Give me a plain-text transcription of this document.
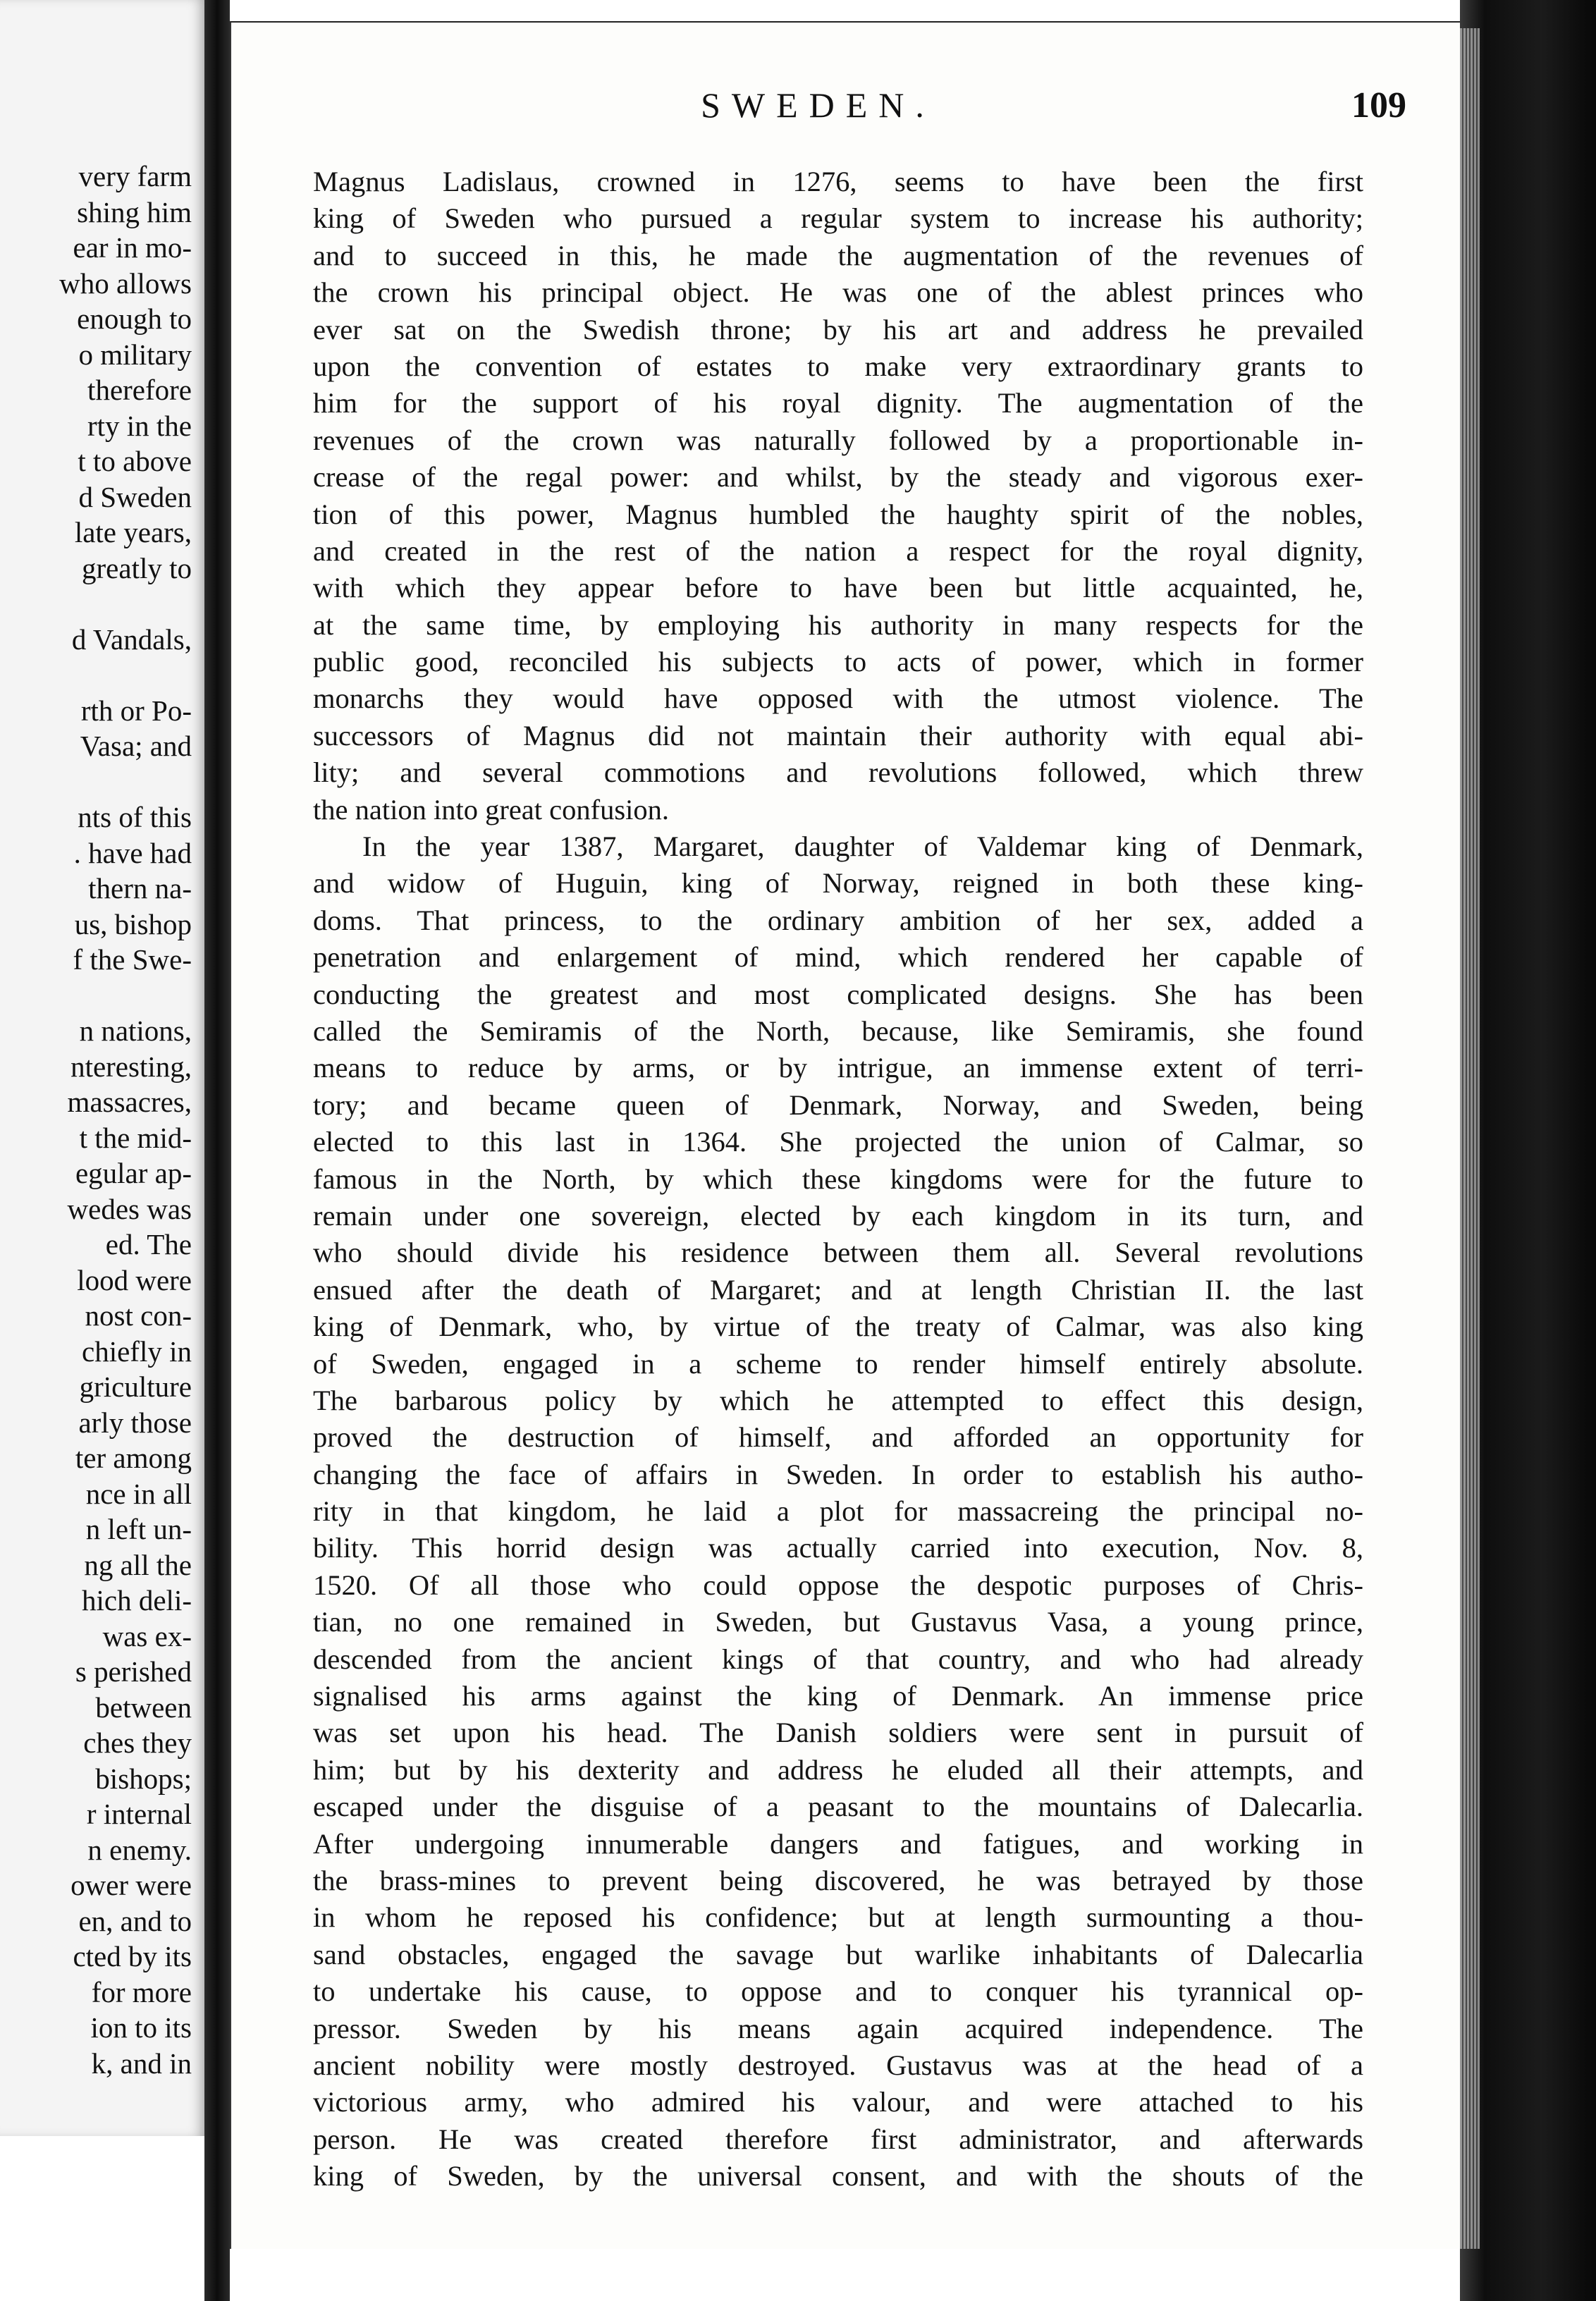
very farm
shing him
ear in mo-
who allows
enough to
o military
therefore
rty in the
t to above
d Sweden
late years,
greatly to
d Vandals,
rth or Po-
Vasa; and
nts of this
. have had
thern na-
us, bishop
f the Swe-
n nations,
nteresting,
massacres,
t the mid-
egular ap-
wedes was
ed. The
lood were
nost con-
chiefly in
griculture
arly those
ter among
nce in all
n left un-
ng all the
hich deli-
was ex-
s perished
between
ches they
bishops;
r internal
n enemy.
ower were
en, and to
cted by its
for more
ion to its
k, and in
SWEDEN.	109
Magnus Ladislaus, crowned in 1276, seems to have been the first
king of Sweden who pursued a regular system to increase his authority;
and to succeed in this, he made the augmentation of the revenues of
the crown his principal object. He was one of the ablest princes who
ever sat on the Swedish throne; by his art and address he prevailed
upon the convention of estates to make very extraordinary grants to
him for the support of his royal dignity. The augmentation of the
revenues of the crown was naturally followed by a proportionable in-
crease of the regal power: and whilst, by the steady and vigorous exer-
tion of this power, Magnus humbled the haughty spirit of the nobles,
and created in the rest of the nation a respect for the royal dignity,
with which they appear before to have been but little acquainted, he,
at the same time, by employing his authority in many respects for the
public good, reconciled his subjects to acts of power, which in former
monarchs they would have opposed with the utmost violence. The
successors of Magnus did not maintain their authority with equal abi-
lity; and several commotions and revolutions followed, which threw
the nation into great confusion.
In the year 1387, Margaret, daughter of Valdemar king of Denmark,
and widow of Huguin, king of Norway, reigned in both these king-
doms. That princess, to the ordinary ambition of her sex, added a
penetration and enlargement of mind, which rendered her capable of
conducting the greatest and most complicated designs. She has been
called the Semiramis of the North, because, like Semiramis, she found
means to reduce by arms, or by intrigue, an immense extent of terri-
tory; and became queen of Denmark, Norway, and Sweden, being
elected to this last in 1364. She projected the union of Calmar, so
famous in the North, by which these kingdoms were for the future to
remain under one sovereign, elected by each kingdom in its turn, and
who should divide his residence between them all. Several revolutions
ensued after the death of Margaret; and at length Christian II. the last
king of Denmark, who, by virtue of the treaty of Calmar, was also king
of Sweden, engaged in a scheme to render himself entirely absolute.
The barbarous policy by which he attempted to effect this design,
proved the destruction of himself, and afforded an opportunity for
changing the face of affairs in Sweden. In order to establish his autho-
rity in that kingdom, he laid a plot for massacreing the principal no-
bility. This horrid design was actually carried into execution, Nov. 8,
1520. Of all those who could oppose the despotic purposes of Chris-
tian, no one remained in Sweden, but Gustavus Vasa, a young prince,
descended from the ancient kings of that country, and who had already
signalised his arms against the king of Denmark. An immense price
was set upon his head. The Danish soldiers were sent in pursuit of
him; but by his dexterity and address he eluded all their attempts, and
escaped under the disguise of a peasant to the mountains of Dalecarlia.
After undergoing innumerable dangers and fatigues, and working in
the brass-mines to prevent being discovered, he was betrayed by those
in whom he reposed his confidence; but at length surmounting a thou-
sand obstacles, engaged the savage but warlike inhabitants of Dalecarlia
to undertake his cause, to oppose and to conquer his tyrannical op-
pressor. Sweden by his means again acquired independence. The
ancient nobility were mostly destroyed. Gustavus was at the head of a
victorious army, who admired his valour, and were attached to his
person. He was created therefore first administrator, and afterwards
king of Sweden, by the universal consent, and with the shouts of the
